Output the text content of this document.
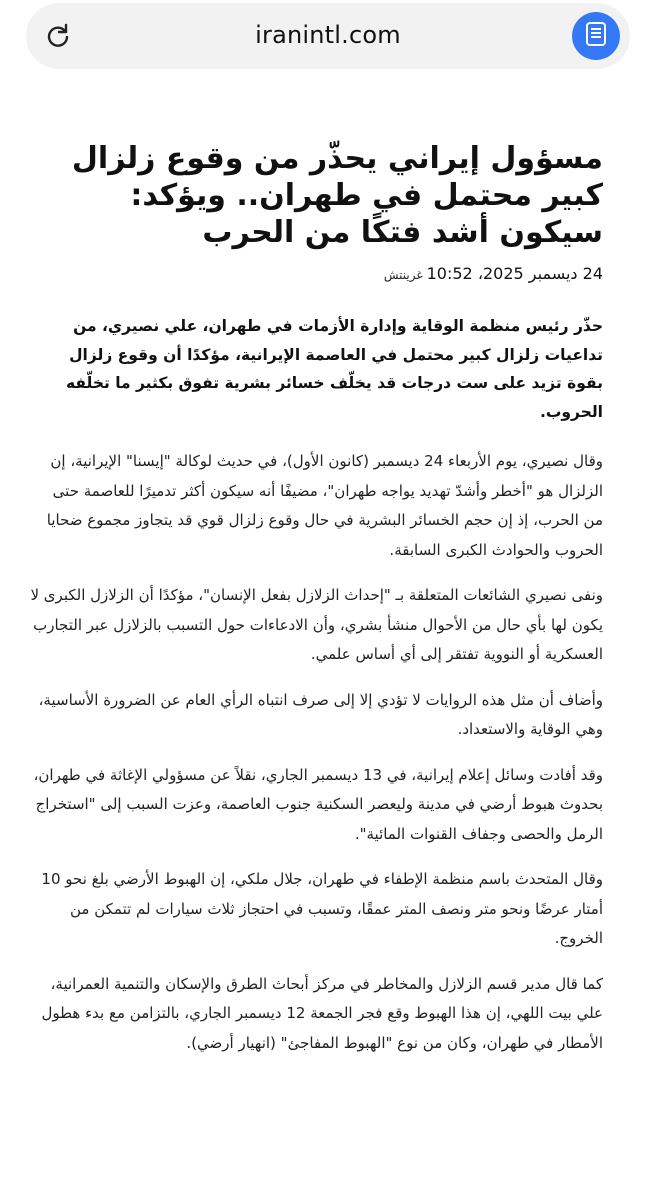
iranintl.com
مسؤول إيراني يحذّر من وقوع زلزال كبير محتمل في طهران.. ويؤكد: سيكون أشد فتكًا من الحرب
24 ديسمبر 2025، 10:52غرينتش

حذّر رئيس منظمة الوقاية وإدارة الأزمات في طهران، علي نصيري، من تداعيات زلزال كبير محتمل في العاصمة الإيرانية، مؤكدًا أن وقوع زلزال بقوة تزيد على ست درجات قد يخلّف خسائر بشرية تفوق بكثير ما تخلّفه الحروب.

وقال نصيري، يوم الأربعاء 24 ديسمبر (كانون الأول)، في حديث لوكالة "إيسنا" الإيرانية، إن الزلزال هو "أخطر وأشدّ تهديد يواجه طهران"، مضيفًا أنه سيكون أكثر تدميرًا للعاصمة حتى من الحرب، إذ إن حجم الخسائر البشرية في حال وقوع زلزال قوي قد يتجاوز مجموع ضحايا الحروب والحوادث الكبرى السابقة.

ونفى نصيري الشائعات المتعلقة بـ "إحداث الزلازل بفعل الإنسان"، مؤكدًا أن الزلازل الكبرى لا يكون لها بأي حال من الأحوال منشأ بشري، وأن الادعاءات حول التسبب بالزلازل عبر التجارب العسكرية أو النووية تفتقر إلى أي أساس علمي.

وأضاف أن مثل هذه الروايات لا تؤدي إلا إلى صرف انتباه الرأي العام عن الضرورة الأساسية، وهي الوقاية والاستعداد.

وقد أفادت وسائل إعلام إيرانية، في 13 ديسمبر الجاري، نقلاً عن مسؤولي الإغاثة في طهران، بحدوث هبوط أرضي في مدينة وليعصر السكنية جنوب العاصمة، وعزت السبب إلى "استخراج الرمل والحصى وجفاف القنوات المائية".

وقال المتحدث باسم منظمة الإطفاء في طهران، جلال ملكي، إن الهبوط الأرضي بلغ نحو 10 أمتار عرضًا ونحو متر ونصف المتر عمقًا، وتسبب في احتجاز ثلاث سيارات لم تتمكن من الخروج.

كما قال مدير قسم الزلازل والمخاطر في مركز أبحاث الطرق والإسكان والتنمية العمرانية، علي بيت اللهي، إن هذا الهبوط وقع فجر الجمعة 12 ديسمبر الجاري، بالتزامن مع بدء هطول الأمطار في طهران، وكان من نوع "الهبوط المفاجئ" (انهيار أرضي).
